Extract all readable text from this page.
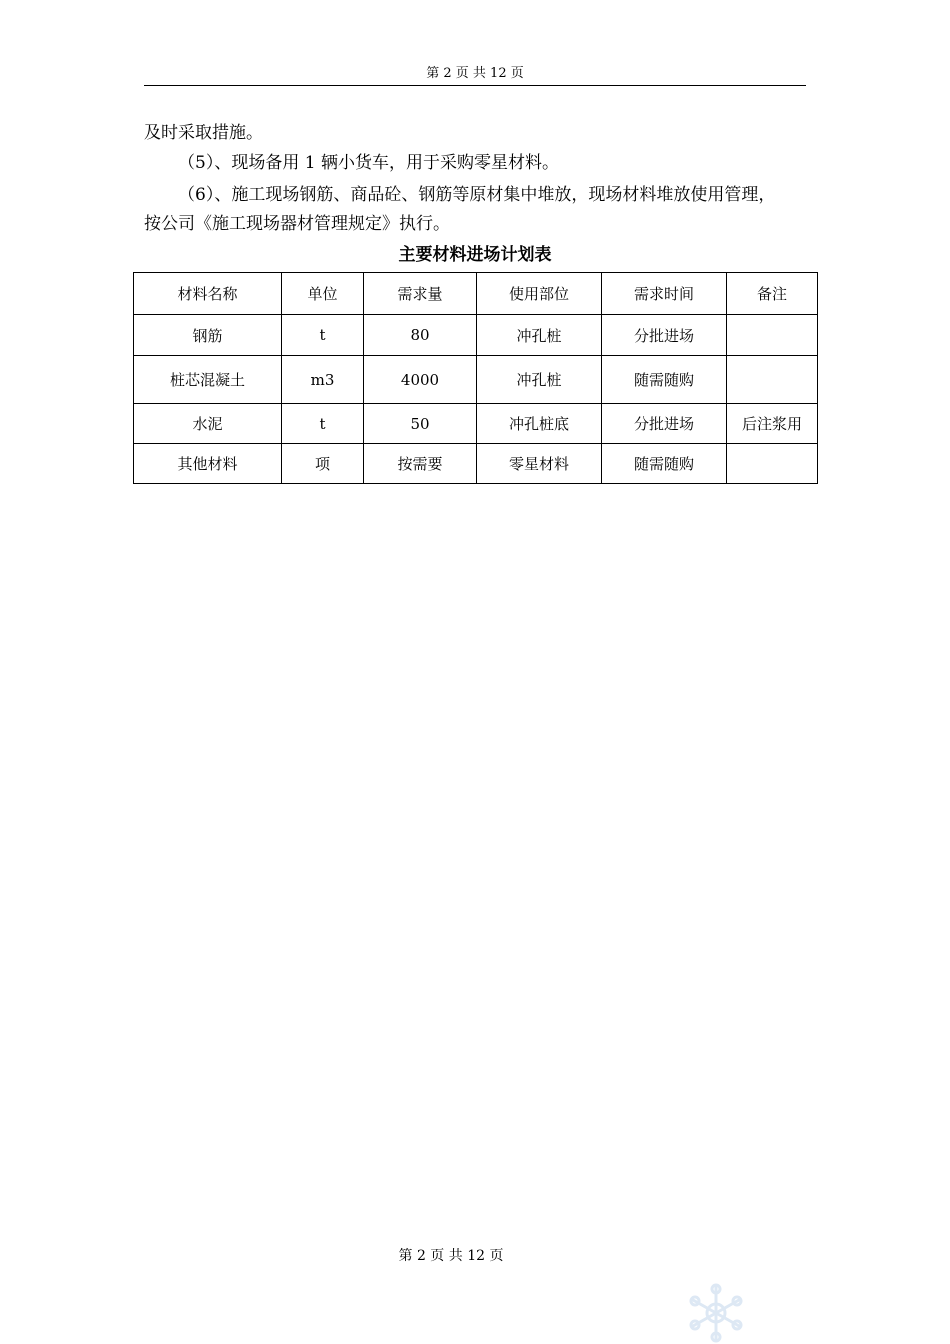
第 2 页 共 12 页
及时采取措施。
（5）、现场备用 1 辆小货车，用于采购零星材料。
（6）、施工现场钢筋、商品砼、钢筋等原材集中堆放，现场材料堆放使用管理，
按公司《施工现场器材管理规定》执行。
主要材料进场计划表
材料名称	单位	需求量	使用部位	需求时间	备注
钢筋	t	80	冲孔桩	分批进场	
桩芯混凝土	m3	4000	冲孔桩	随需随购	
水泥	t	50	冲孔桩底	分批进场	后注浆用
其他材料	项	按需要	零星材料	随需随购	
第 2 页 共 12 页
